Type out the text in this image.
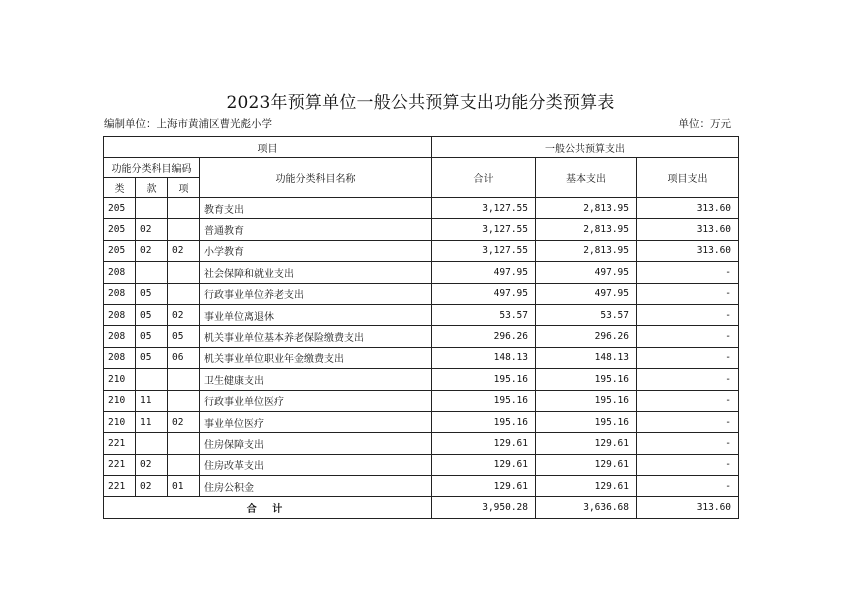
2023年预算单位一般公共预算支出功能分类预算表
编制单位：上海市黄浦区曹光彪小学	单位：万元
项目				一般公共预算支出		
功能分类科目编码			功能分类科目名称	合计	基本支出	项目支出
类	款	项				
205			教育支出	3,127.55	2,813.95	313.60
205	02		普通教育	3,127.55	2,813.95	313.60
205	02	02	小学教育	3,127.55	2,813.95	313.60
208			社会保障和就业支出	497.95	497.95	-
208	05		行政事业单位养老支出	497.95	497.95	-
208	05	02	事业单位离退休	53.57	53.57	-
208	05	05	机关事业单位基本养老保险缴费支出	296.26	296.26	-
208	05	06	机关事业单位职业年金缴费支出	148.13	148.13	-
210			卫生健康支出	195.16	195.16	-
210	11		行政事业单位医疗	195.16	195.16	-
210	11	02	事业单位医疗	195.16	195.16	-
221			住房保障支出	129.61	129.61	-
221	02		住房改革支出	129.61	129.61	-
221	02	01	住房公积金	129.61	129.61	-
合 计				3,950.28	3,636.68	313.60
